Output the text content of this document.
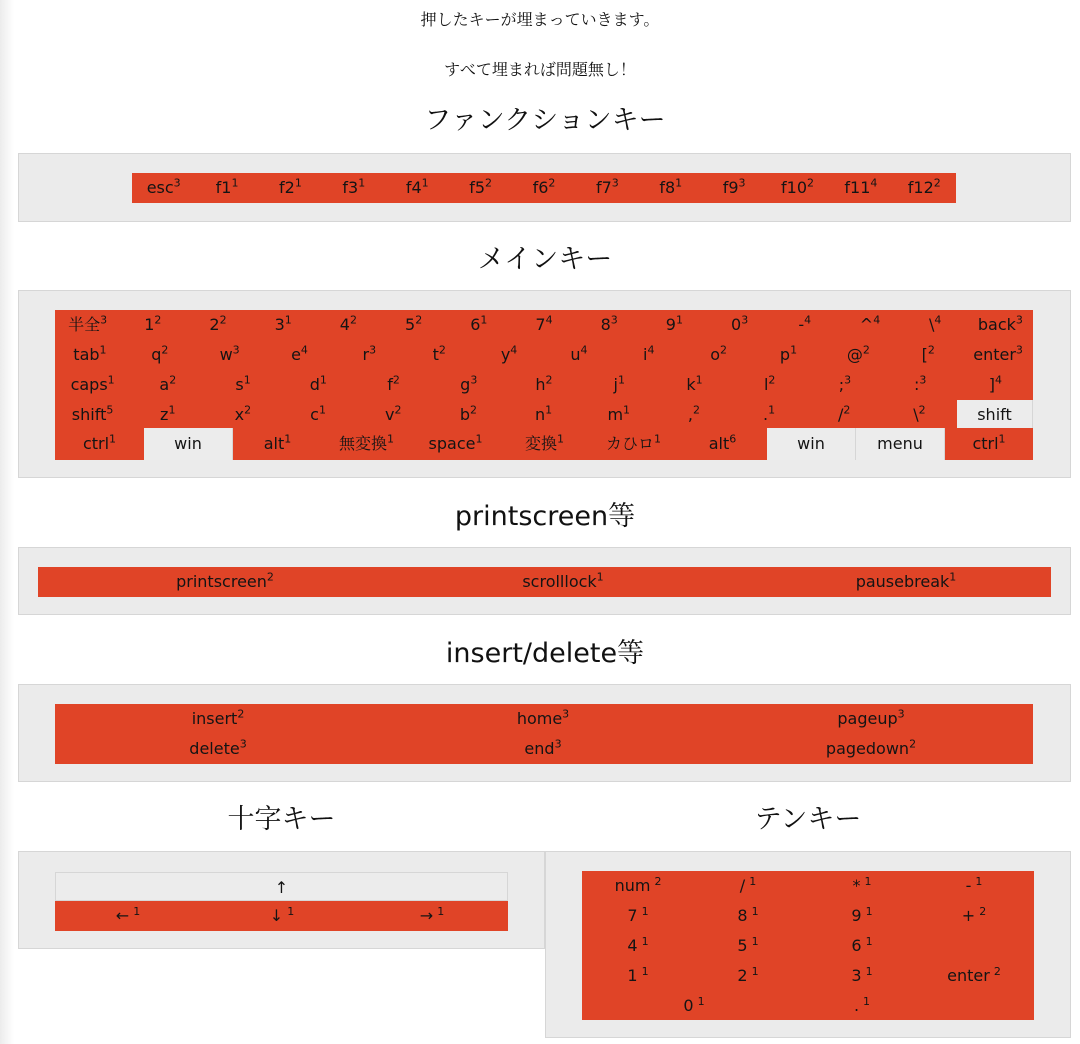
押したキーが埋まっていきます。
すべて埋まれば問題無し！
ファンクションキー
esc$^3$	$f1^1$	$f2^1$	$f3^1$	$f4^1$	$f5^2$	$f6^2$	$f7^3$	$f8^1$	$f9^3$	$f10^2$	$f11^4$	$f12^2$
メインキー
半全$^3$	$1^2$	$2^2$	$3^1$	$4^2$	$5^2$	$6^1$	$7^4$	$8^3$	$9^1$	$0^3$	-$^4$	^$^4$	\$^4$	back$^3$
tab$^1$	$q^2$	$w^3$	$e^4$	$r^3$	$t^2$	$y^4$	$u^4$	$i^4$	$o^2$	$p^1$	@$^2$	[$^2$	enter$^3$
caps$^1$	$a^2$	$s^1$	$d^1$	$f^2$	$g^3$	$h^2$	$j^1$	$k^1$	$l^2$	;$^3$	:$^3$	]$^4$
shift$^5$	$z^1$	$x^2$	$c^1$	$v^2$	$b^2$	$n^1$	$m^1$	,$^2$	.$^1$	/$^2$	\$^2$	shift
ctrl$^1$	win	alt$^1$	無変換$^1$	space$^1$	変換$^1$	カひロ$^1$	alt$^6$	win	menu	ctrl$^1$
printscreen等
printscreen$^2$	scrolllock$^1$	pausebreak$^1$
insert/delete等
insert$^2$	home$^3$	pageup$^3$
delete$^3$	end$^3$	pagedown$^2$
十字キー
↑
← $^1$	↓ $^1$	→ $^1$
テンキー
num $^2$	/ $^1$	* $^1$	- $^1$
7 $^1$	8 $^1$	9 $^1$	+ $^2$
4 $^1$	5 $^1$	6 $^1$
1 $^1$	2 $^1$	3 $^1$	enter $^2$
0 $^1$	. $^1$
